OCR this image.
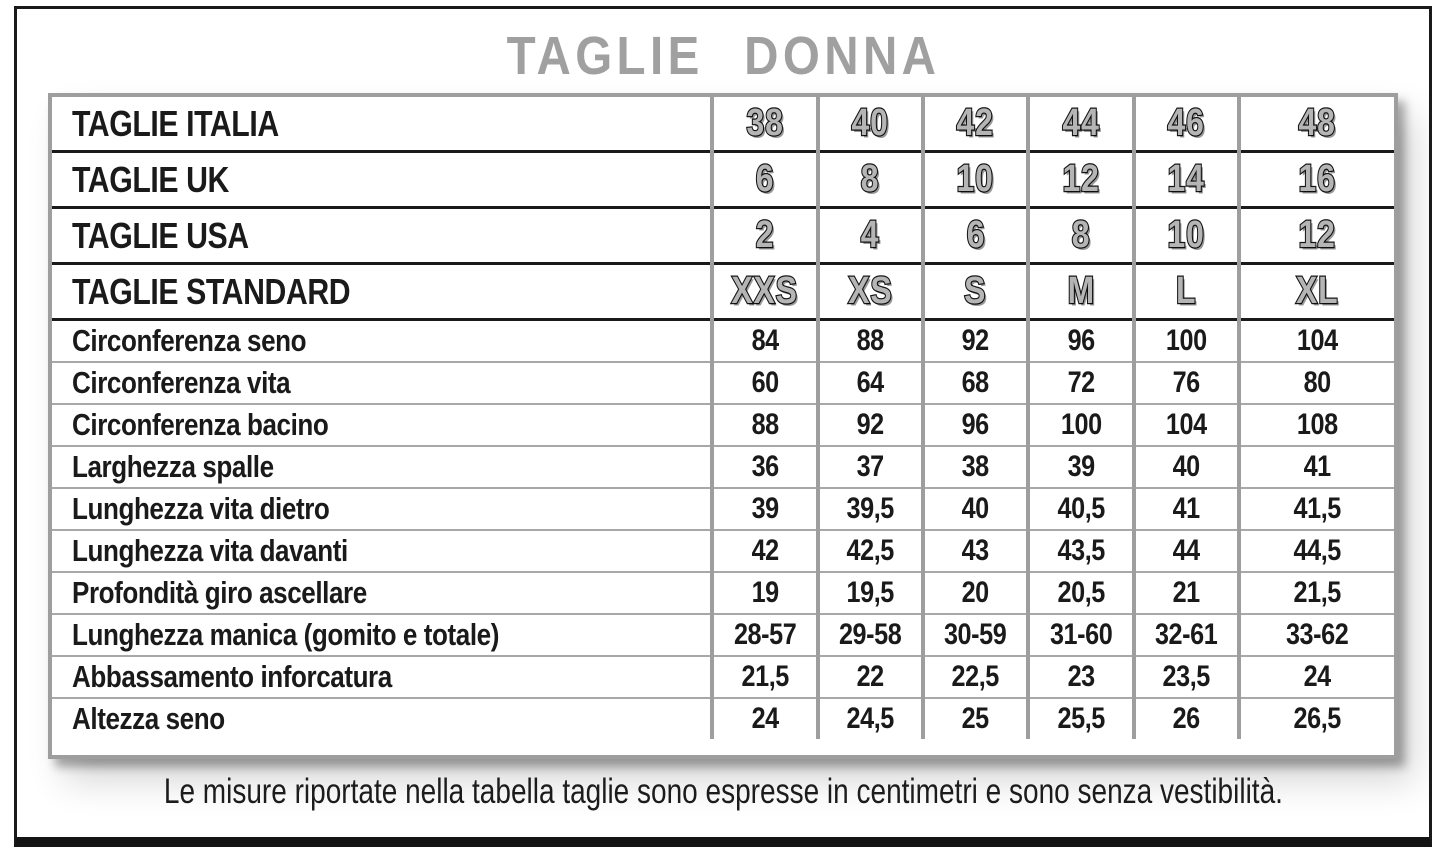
TAGLIE DONNA
TAGLIE ITALIA	38	40	42	44	46	48
TAGLIE UK	6	8	10	12	14	16
TAGLIE USA	2	4	6	8	10	12
TAGLIE STANDARD	XXS	XS	S	M	L	XL
Circonferenza seno	84	88	92	96	100	104
Circonferenza vita	60	64	68	72	76	80
Circonferenza bacino	88	92	96	100	104	108
Larghezza spalle	36	37	38	39	40	41
Lunghezza vita dietro	39	39,5	40	40,5	41	41,5
Lunghezza vita davanti	42	42,5	43	43,5	44	44,5
Profondità giro ascellare	19	19,5	20	20,5	21	21,5
Lunghezza manica (gomito e totale)	28-57	29-58	30-59	31-60	32-61	33-62
Abbassamento inforcatura	21,5	22	22,5	23	23,5	24
Altezza seno	24	24,5	25	25,5	26	26,5
Le misure riportate nella tabella taglie sono espresse in centimetri e sono senza vestibilità.
